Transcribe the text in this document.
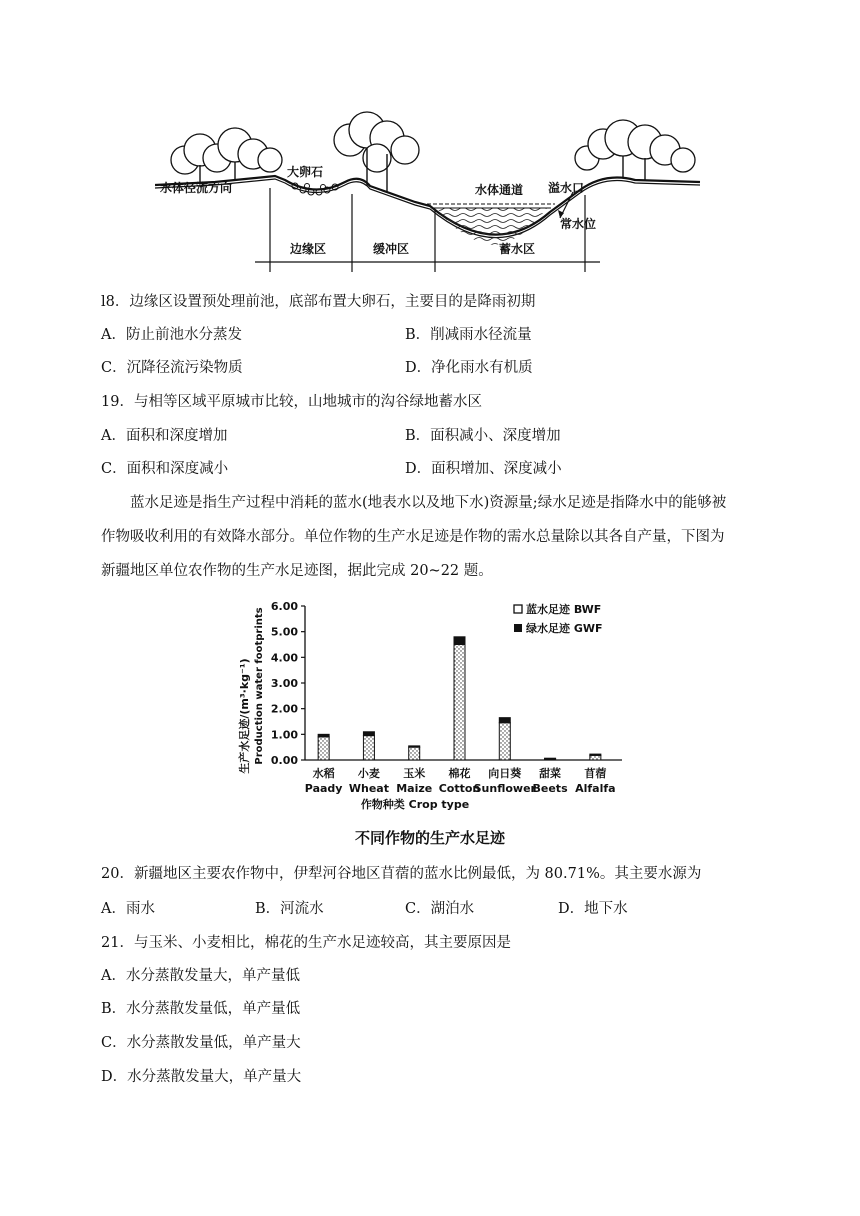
水体径流方向
大卵石
水体通道 溢水口
常水位
边缘区	缓冲区	蓄水区
l8．边缘区设置预处理前池，底部布置大卵石，主要目的是降雨初期
A．防止前池水分蒸发	B．削减雨水径流量
C．沉降径流污染物质	D．净化雨水有机质
19．与相等区域平原城市比较，山地城市的沟谷绿地蓄水区
A．面积和深度增加	B．面积减小、深度增加
C．面积和深度减小	D．面积增加、深度减小
蓝水足迹是指生产过程中消耗的蓝水(地表水以及地下水)资源量;绿水足迹是指降水中的能够被
作物吸收利用的有效降水部分。单位作物的生产水足迹是作物的需水总量除以其各自产量，下图为
新疆地区单位农作物的生产水足迹图，据此完成 20~22 题。
生产水足迹/(m³·kg⁻¹) Production water footprints 0.00
1.00
2.00
3.00
4.00
5.00
6.00
水稻
Paady
小麦
Wheat
玉米
Maize
棉花
Cotton
向日葵
Sunflower
甜菜
Beets
苜蓿
Alfalfa
蓝水足迹 BWF
绿水足迹 GWF
作物种类 Crop type
不同作物的生产水足迹
20．新疆地区主要农作物中，伊犁河谷地区苜蓿的蓝水比例最低，为 80.71%。其主要水源为
A．雨水	B．河流水	C．湖泊水	D．地下水
21．与玉米、小麦相比，棉花的生产水足迹较高，其主要原因是
A．水分蒸散发量大，单产量低
B．水分蒸散发量低，单产量低
C．水分蒸散发量低，单产量大
D．水分蒸散发量大，单产量大
